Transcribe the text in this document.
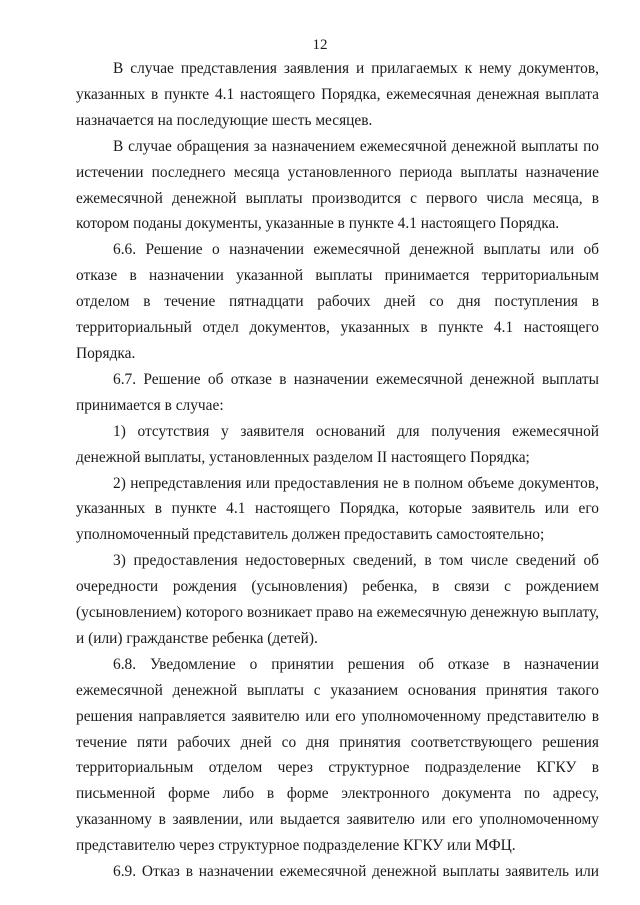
12

В случае представления заявления и прилагаемых к нему документов, указанных в пункте 4.1 настоящего Порядка, ежемесячная денежная выплата назначается на последующие шесть месяцев.

В случае обращения за назначением ежемесячной денежной выплаты по истечении последнего месяца установленного периода выплаты назначение ежемесячной денежной выплаты производится с первого числа месяца, в котором поданы документы, указанные в пункте 4.1 настоящего Порядка.

6.6. Решение о назначении ежемесячной денежной выплаты или об отказе в назначении указанной выплаты принимается территориальным отделом в течение пятнадцати рабочих дней со дня поступления в территориальный отдел документов, указанных в пункте 4.1 настоящего Порядка.

6.7. Решение об отказе в назначении ежемесячной денежной выплаты принимается в случае:

1) отсутствия у заявителя оснований для получения ежемесячной денежной выплаты, установленных разделом II настоящего Порядка;

2) непредставления или предоставления не в полном объеме документов, указанных в пункте 4.1 настоящего Порядка, которые заявитель или его уполномоченный представитель должен предоставить самостоятельно;

3) предоставления недостоверных сведений, в том числе сведений об очередности рождения (усыновления) ребенка, в связи с рождением (усыновлением) которого возникает право на ежемесячную денежную выплату, и (или) гражданстве ребенка (детей).

6.8. Уведомление о принятии решения об отказе в назначении ежемесячной денежной выплаты с указанием основания принятия такого решения направляется заявителю или его уполномоченному представителю в течение пяти рабочих дней со дня принятия соответствующего решения территориальным отделом через структурное подразделение КГКУ в письменной форме либо в форме электронного документа по адресу, указанному в заявлении, или выдается заявителю или его уполномоченному представителю через структурное подразделение КГКУ или МФЦ.

6.9. Отказ в назначении ежемесячной денежной выплаты заявитель или
